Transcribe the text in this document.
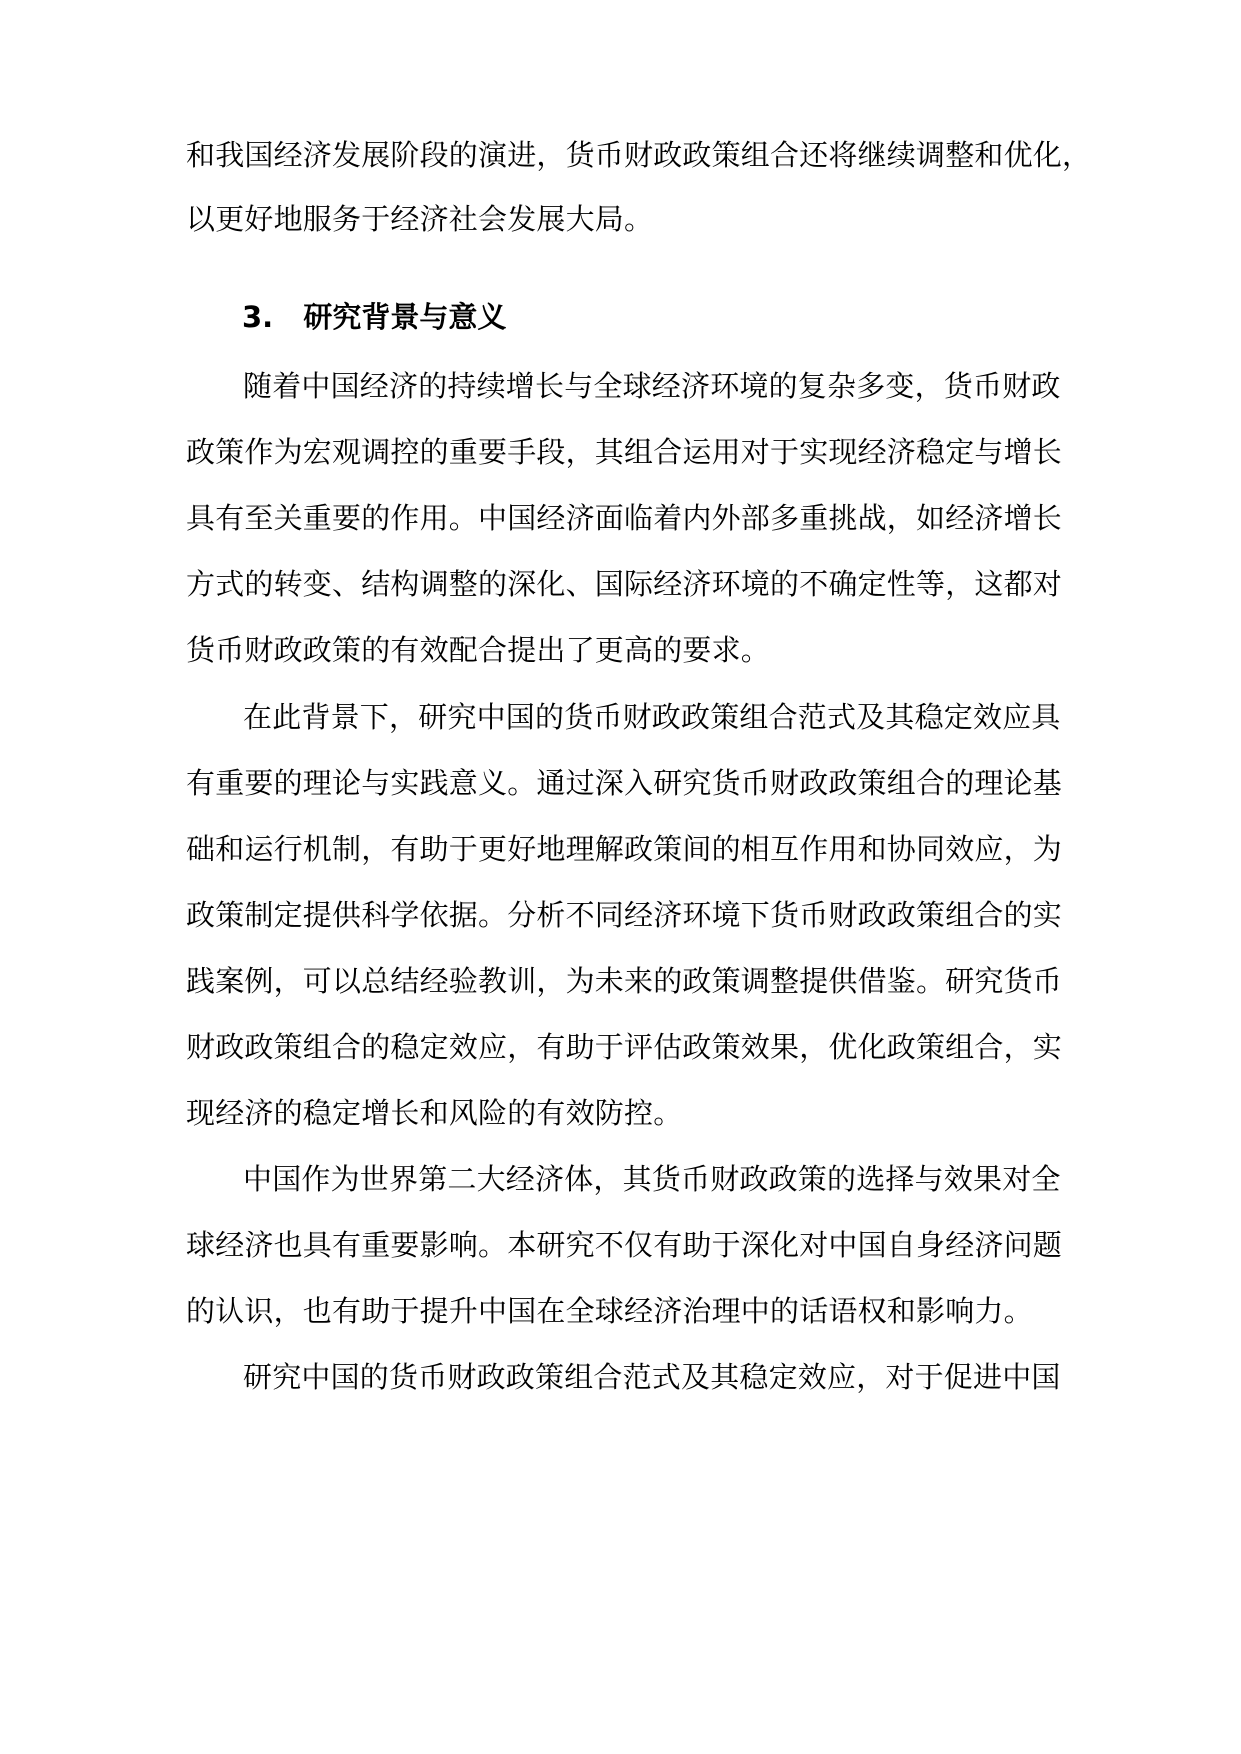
和我国经济发展阶段的演进，货币财政政策组合还将继续调整和优化，
以更好地服务于经济社会发展大局。
3. 研究背景与意义
随着中国经济的持续增长与全球经济环境的复杂多变，货币财政
政策作为宏观调控的重要手段，其组合运用对于实现经济稳定与增长
具有至关重要的作用。中国经济面临着内外部多重挑战，如经济增长
方式的转变、结构调整的深化、国际经济环境的不确定性等，这都对
货币财政政策的有效配合提出了更高的要求。
在此背景下，研究中国的货币财政政策组合范式及其稳定效应具
有重要的理论与实践意义。通过深入研究货币财政政策组合的理论基
础和运行机制，有助于更好地理解政策间的相互作用和协同效应，为
政策制定提供科学依据。分析不同经济环境下货币财政政策组合的实
践案例，可以总结经验教训，为未来的政策调整提供借鉴。研究货币
财政政策组合的稳定效应，有助于评估政策效果，优化政策组合，实
现经济的稳定增长和风险的有效防控。
中国作为世界第二大经济体，其货币财政政策的选择与效果对全
球经济也具有重要影响。本研究不仅有助于深化对中国自身经济问题
的认识，也有助于提升中国在全球经济治理中的话语权和影响力。
研究中国的货币财政政策组合范式及其稳定效应，对于促进中国
